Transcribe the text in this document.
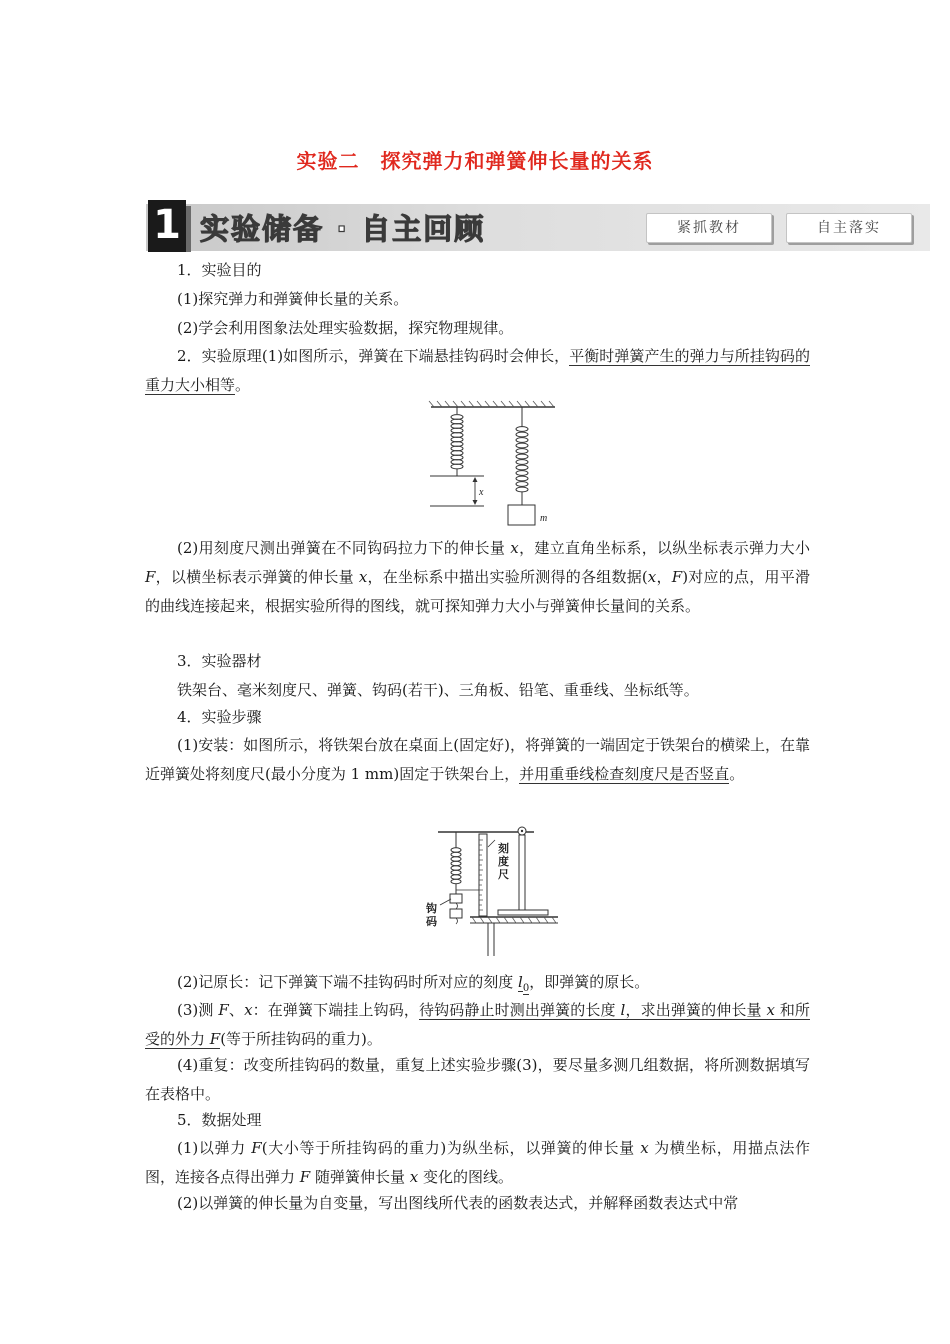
实验二　探究弹力和弹簧伸长量的关系
1 实验储备 · 自主回顾	紧抓教材	自主落实

1．实验目的

(1)探究弹力和弹簧伸长量的关系。

(2)学会利用图象法处理实验数据，探究物理规律。

2．实验原理(1)如图所示，弹簧在下端悬挂钩码时会伸长，平衡时弹簧产生的弹力与所挂钩码的重力大小相等。

x
m

(2)用刻度尺测出弹簧在不同钩码拉力下的伸长量 x，建立直角坐标系，以纵坐标表示弹力大小 F，以横坐标表示弹簧的伸长量 x，在坐标系中描出实验所测得的各组数据(x，F)对应的点，用平滑的曲线连接起来，根据实验所得的图线，就可探知弹力大小与弹簧伸长量间的关系。

3．实验器材

铁架台、毫米刻度尺、弹簧、钩码(若干)、三角板、铅笔、重垂线、坐标纸等。

4．实验步骤

(1)安装：如图所示，将铁架台放在桌面上(固定好)，将弹簧的一端固定于铁架台的横梁上，在靠近弹簧处将刻度尺(最小分度为 1 mm)固定于铁架台上，并用重垂线检查刻度尺是否竖直。

刻
度
尺
钩
码

(2)记原长：记下弹簧下端不挂钩码时所对应的刻度 $l_0$，即弹簧的原长。

(3)测 F、x：在弹簧下端挂上钩码，待钩码静止时测出弹簧的长度 l，求出弹簧的伸长量 x 和所受的外力 F(等于所挂钩码的重力)。

(4)重复：改变所挂钩码的数量，重复上述实验步骤(3)，要尽量多测几组数据，将所测数据填写在表格中。

5．数据处理

(1)以弹力 F(大小等于所挂钩码的重力)为纵坐标，以弹簧的伸长量 x 为横坐标，用描点法作图，连接各点得出弹力 F 随弹簧伸长量 x 变化的图线。

(2)以弹簧的伸长量为自变量，写出图线所代表的函数表达式，并解释函数表达式中常
